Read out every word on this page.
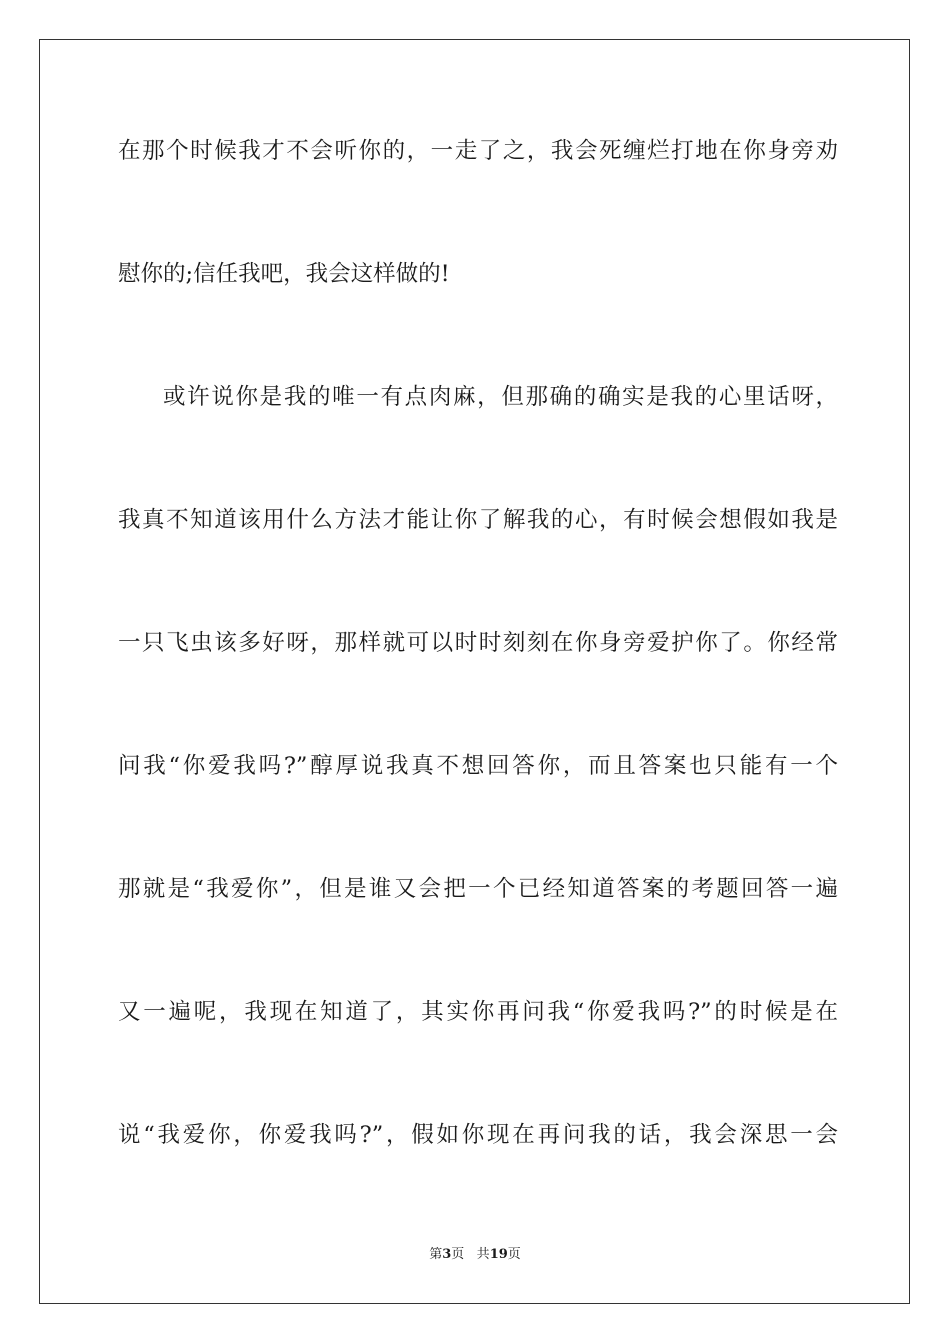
在那个时候我才不会听你的，一走了之，我会死缠烂打地在你身旁劝
慰你的;信任我吧，我会这样做的!
或许说你是我的唯一有点肉麻，但那确的确实是我的心里话呀，
我真不知道该用什么方法才能让你了解我的心，有时候会想假如我是
一只飞虫该多好呀，那样就可以时时刻刻在你身旁爱护你了。你经常
问我“你爱我吗?”醇厚说我真不想回答你，而且答案也只能有一个
那就是“我爱你”，但是谁又会把一个已经知道答案的考题回答一遍
又一遍呢，我现在知道了，其实你再问我“你爱我吗?”的时候是在
说“我爱你，你爱我吗?”，假如你现在再问我的话，我会深思一会
第3页 共19页
